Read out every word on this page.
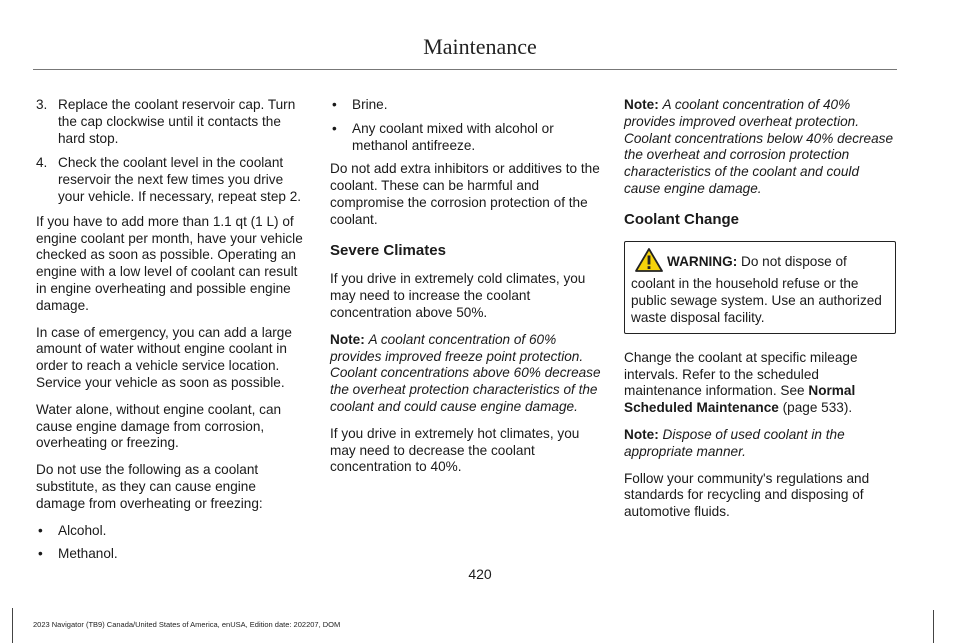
Maintenance
3. Replace the coolant reservoir cap. Turn the cap clockwise until it contacts the hard stop.
4. Check the coolant level in the coolant reservoir the next few times you drive your vehicle. If necessary, repeat step 2.

If you have to add more than 1.1 qt (1 L) of engine coolant per month, have your vehicle checked as soon as possible. Operating an engine with a low level of coolant can result in engine overheating and possible engine damage.

In case of emergency, you can add a large amount of water without engine coolant in order to reach a vehicle service location. Service your vehicle as soon as possible.

Water alone, without engine coolant, can cause engine damage from corrosion, overheating or freezing.

Do not use the following as a coolant substitute, as they can cause engine damage from overheating or freezing:

•	Alcohol.
•	Methanol.
•	Brine.
•	Any coolant mixed with alcohol or methanol antifreeze.

Do not add extra inhibitors or additives to the coolant. These can be harmful and compromise the corrosion protection of the coolant.

Severe Climates

If you drive in extremely cold climates, you may need to increase the coolant concentration above 50%.

Note: A coolant concentration of 60% provides improved freeze point protection. Coolant concentrations above 60% decrease the overheat protection characteristics of the coolant and could cause engine damage.

If you drive in extremely hot climates, you may need to decrease the coolant concentration to 40%.

Note: A coolant concentration of 40% provides improved overheat protection. Coolant concentrations below 40% decrease the overheat and corrosion protection characteristics of the coolant and could cause engine damage.

Coolant Change
WARNING: Do not dispose of coolant in the household refuse or the public sewage system. Use an authorized waste disposal facility.

Change the coolant at specific mileage intervals. Refer to the scheduled maintenance information. See Normal Scheduled Maintenance (page 533).

Note: Dispose of used coolant in the appropriate manner.

Follow your community's regulations and standards for recycling and disposing of automotive fluids.

420
2023 Navigator (TB9) Canada/United States of America, enUSA, Edition date: 202207, DOM
